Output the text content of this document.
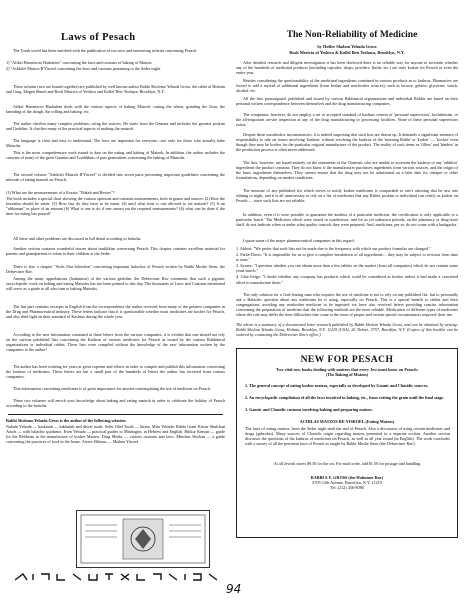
Laws of Pesach

The Torah world has been enriched with the publication of two new and interesting sefarim concerning Pesach:

1) "Afikei Hametzoto Hashalem" concerning the laws and customs of baking of Matzos.
2) "Ashkilei Matzos B'Yisroel concerning the laws and customs pertaining to the Seder night.

These sefarim (two are bound together) are published by well known author Rabbi Sholomo Yehuda Gross, the rabbi of Holmin and Grag. Magen Shmel and Rosh Mesivta of Yeshiva and Kollel Beis Yeshaya, Brooklyn, N.Y.

Afikei Hametzoto Hashalem deals with the various aspects of baking Matzoh: cutting the wheat, grinding the flour, the kneading of the dough, the rolling and baking, etc.

The author clarifies many complex problems, citing the sources. He starts from the Gemara and includes the greatest poskim and Gedolim. It clarifies many of the practical aspects of making the matzoh.

The language is clear and easy to understand. The laws are important for everyone—not only for those who actually bake Matzohs.

This is the most comprehensive work issued to date on the eating and baking of Matzoh. In addition, the author includes the customs of many of the great Gaonim and Tzaddikim of past generations concerning the baking of Matzohs.

The second volume "Ashkilei Matzoh B'Yisroel" is divided into seven parts presenting important guidelines concerning the mitzvah of eating matzoh on Pesach:

(1) What are the measurements of a Kezais, "Bakeh and Revies"?
The book includes a special chart showing the various opinions and contains measurements, both in grams and ounces: (2) How the kezaisim should be eaten. (3) How fast do they have to be eaten. (4) until what time is one allowed to eat matzoh? (5) Is an "afikoman" in place of an amount (6) What is one to do if one cannot eat the required measurements? (6) what can be done if the time for eating has passed?

All these and other problems are discussed in full detail according to halacha.

Another section contains wonderful stories about tzaddikim concerning Pesach. This chapter contains excellent material for parents and grandparents to relate to their children at the Seder.

There is also a chapter "Sichs Sfat hchesbon" concerning important halachos of Pesach written by Rabbi Moshe Stern, the Debreciner Rav.

Among the many approbations (haskamos) of the various gedolim, the Debreciner Rav comments that such a gigantic encyclopedic work on baking and eating Matzohs has not been printed to this day. The thousands of Laws and Customs mentioned will serve as a guide to all who turn to baking Matzohs.

The last part contains excerpts in English from the correspondence the author received from many of the greatest companies in the Drug and Pharmaceutical industry. These letters indicate that it is questionable whether most medicines are kosher for Pesach, and also shed light on their standard of Kashrus during the whole year.

According to the new information contained in these letters from the various companies, it is evident that one should not rely on the various published lists concerning the Kashrus of various medicines for Pesach as issued by the various Rabbinical organizations or individual rabbis. These lists were compiled without the knowledge of the new information written by the companies to the author!

The author has been working for years at great expense and efforts in order to compile and publish this information concerning the kashrus of medicines. These letters are but a small part of the hundreds of letters the author has received from various companies.

This information concerning medicines is of great importance for anyone contemplating the use of medicine on Pesach.

These two volumes will enrich your knowledge about baking and eating matzoh in order to celebrate the holiday of Pesach according to the halacha.

Rabbi Sholomo Yehuda Gross is the author of the following sefarim:

Nahalu Yehuda — haskarah — kabbalah and divrei torah: Sefer Ohel Torah — kitzur, Milu Yehuda: Rabbi Grant Kitzur Shulchan Aruch — with halachic guidance, Even Yehuda — practical guides to Minhogim, in Hebrew and English. Bikkur Kinyan — guide for the Rebbeim in the manufacture of kosher Matzos. Drug Media — various customs and laws. Minchas Sholom — a guide concerning the practices of food in the home. Ateres Shlomo — Mishna Yisroel.

The Non-Reliability of Medicine
by Hoffer Sholom Yehuda Gross
Rosh Mesivta of Yeshiva & Kollel Beis Yeshaya, Brooklyn, N.Y.

After detailed research and diligent investigation it has been disclosed there is no reliable way for anyone to ascertain whether any of the hundreds of medicinal products (including capsules, drops, powders, fluids, etc.) are truly kosher for Pesach or even the entire year.

Besides considering the questionability of the medicinal ingredients contained in various products as to kashrus, Pharmacies are forced to add a myriad of additional ingredients (from kosher and non-kosher sources), such as lactose, gelatin, glycerine, starch, alcohol, etc.

All the lists promulgated, published and issued by various Rabbinical organizations and individual Rabbis are based on their personal written correspondence between themselves and the drug manufacturing companies.

The companies, however, do not employ a set or accepted standard of kashrus criteria of 'personal supervision', hechsheirim, or the all-important on-site inspection at any of the drug manufacturing or processing facilities. None of these personal supervisors exists.

Despite these unorthodox inconsistencies, it is indeed surprising that such lists are drawn up. It demands a significant measure of responsibility to rule on issues involving 'kashrus' without resolving the kashrus of the 'morning Rabbi' or 'kosher' — 'kosher' even though they may be kosher for the particular original manufacture of the product. The reality of such items as 'fillers' and 'binders' in the production process is often never addressed.

The lists, however, are based entirely on the statements of the Chemists who are unable to ascertain the kashrus of any 'additive' ingredients the product contains. They do not know if the manufacturer purchases ingredients from various sources, and the origin of the basic ingredients themselves. They cannot ensure that the drug may not be substituted on a later date for cheaper or other formulations, depending on market conditions.

The measure of any published list which serves to notify kosher medicines is comparable to one's attesting that he saw one shining or night, and it is all unnecessary to rely on a list of medicines that any Rabbi, poskim or individual can certify as kosher on Pesach — since such lists are not reliable.

In addition, even if it were possible to guarantee the kashrus of a particular medicine, the certification is only applicable to a particular 'batch.' The Medicines which were stored in warehouses, and for as yet unknown periods, on the pharmacy or drug-store shelf, do not indicate when or under what quality controls they were prepared. And, medicines, per se, do not come with a hashgacha.

I quote some of the major pharmaceutical companies in this regard:

1. Abbott: "We prefer that such lists not be made due to the frequency with which our product formulas are changed."
2. Parke-Davis: "It is impossible for us to give a complete breakdown of all ingredients.... they may be subject to revision from time to time."
3. Syntex: "I question whether you can obtain more than a few tablets on the market (from all companies) which do not contain some yeast starch."
4. Ciba-Geigy: "I doubt whether any company has products which could be considered as kosher unless it had made a concerted effort to manufacture them."

The only solution for a God-fearing man who requires the use of medicine is not to rely on any published list, but to personally ask a Halachic question about any medicines he is using, especially on Pesach. This is a special benefit to rabbis and their congregations, avoiding any nonkosher medicine to be ingested: we have also received letters providing concise information concerning the preparation of medicine that the following methods are the most reliable. Medication of different types of medicines where the rule may differ the time difficulties that come to the issue of proper and certain special circumstances required: their use.

The above is a summary of a documented letter research published by Rabbi Sholom Yehuda Gross, and can be obtained by writing: Rabbi Sholom Yehuda Gross, Holmin, Brooklyn, N.Y. 11219 (USA), 26 Tishrei, 5757, Brooklyn, N.Y. (Copies of this booklet can be ordered by contacting the Debreciner Rav's office.)

NEW FOR PESACH
Two vital new books dealing with matters that every Jew must know on Pesach:
(The Baking of Matzos)
1. The general concept of eating kosher matzos, especially as developed by Gaonic and Chasidic sources.
2. An encyclopedic compilation of all the laws involved in baking, etc., from cutting the grain until the final stage.
3. Gaonic and Chasidic customs involving baking and preparing matzos.
ACHILAS MATZOS BE-YISROEL (Eating Matzos)
The laws of eating matzos, from the Seder night until the end of Pesach. Also a discussion of using certain medicines and drugs (gebrokts). Many sources of Chasidic origin regarding matzos presented in a separate section. Another section discusses the questions of the kashrus of medicines on Pesach, as well as all year round (in English). The work concludes with a survey of all the pertinent laws of Pesach as taught by Rabbi Moshe Stern (the Debreciner Rav).
At all Jewish stores $9.50 for the set. For mail order, add $1.50 for postage and handling.
RABBI S.Y. GROSS (the Holminer Rav)
4705-12th Avenue, Brooklyn, N.Y. 11219
Tel. (212) 436-8086
94
